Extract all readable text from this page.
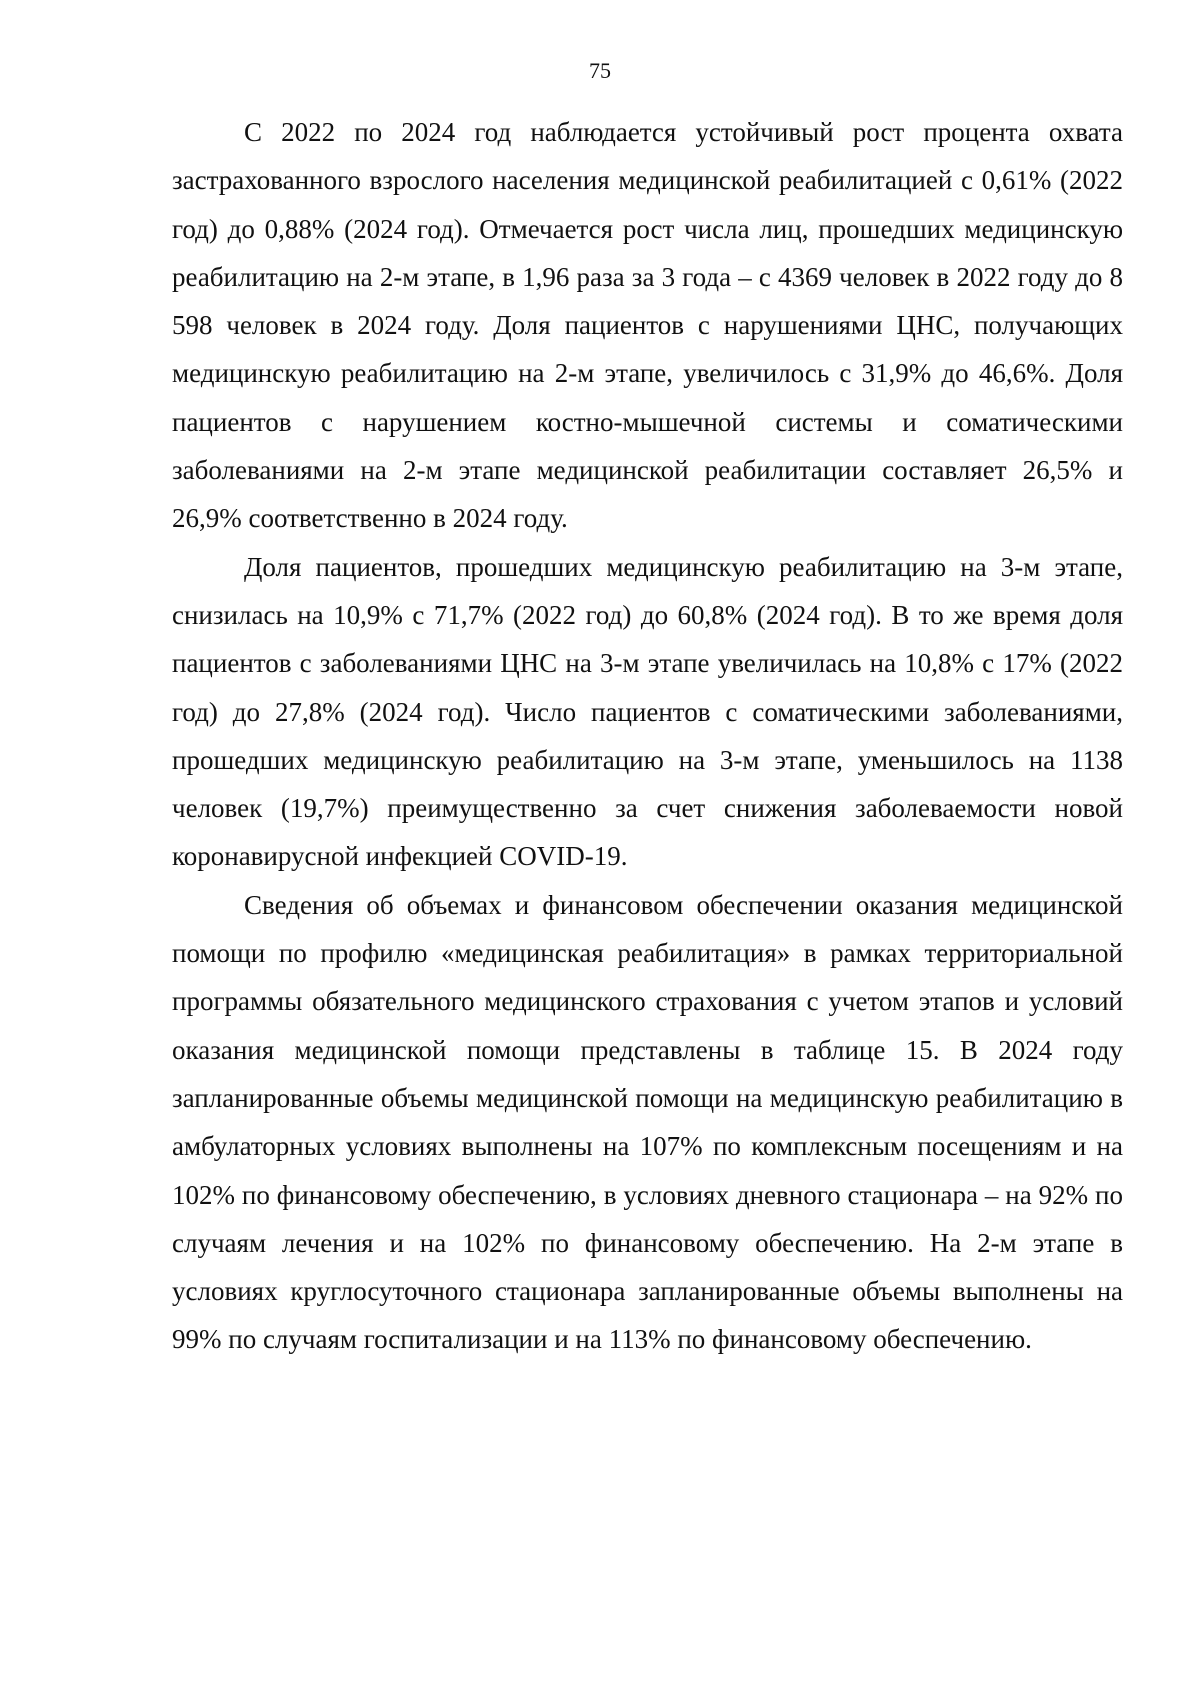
75

С 2022 по 2024 год наблюдается устойчивый рост процента охвата застрахованного взрослого населения медицинской реабилитацией с 0,61% (2022 год) до 0,88% (2024 год). Отмечается рост числа лиц, прошедших медицинскую реабилитацию на 2-м этапе, в 1,96 раза за 3 года – с 4369 человек в 2022 году до 8 598 человек в 2024 году. Доля пациентов с нарушениями ЦНС, получающих медицинскую реабилитацию на 2-м этапе, увеличилось с 31,9% до 46,6%. Доля пациентов с нарушением костно-мышечной системы и соматическими заболеваниями на 2-м этапе медицинской реабилитации составляет 26,5% и 26,9% соответственно в 2024 году.

Доля пациентов, прошедших медицинскую реабилитацию на 3-м этапе, снизилась на 10,9% с 71,7% (2022 год) до 60,8% (2024 год). В то же время доля пациентов с заболеваниями ЦНС на 3-м этапе увеличилась на 10,8% с 17% (2022 год) до 27,8% (2024 год). Число пациентов с соматическими заболеваниями, прошедших медицинскую реабилитацию на 3-м этапе, уменьшилось на 1138 человек (19,7%) преимущественно за счет снижения заболеваемости новой коронавирусной инфекцией COVID-19.

Сведения об объемах и финансовом обеспечении оказания медицинской помощи по профилю «медицинская реабилитация» в рамках территориальной программы обязательного медицинского страхования с учетом этапов и условий оказания медицинской помощи представлены в таблице 15. В 2024 году запланированные объемы медицинской помощи на медицинскую реабилитацию в амбулаторных условиях выполнены на 107% по комплексным посещениям и на 102% по финансовому обеспечению, в условиях дневного стационара – на 92% по случаям лечения и на 102% по финансовому обеспечению. На 2-м этапе в условиях круглосуточного стационара запланированные объемы выполнены на 99% по случаям госпитализации и на 113% по финансовому обеспечению.
